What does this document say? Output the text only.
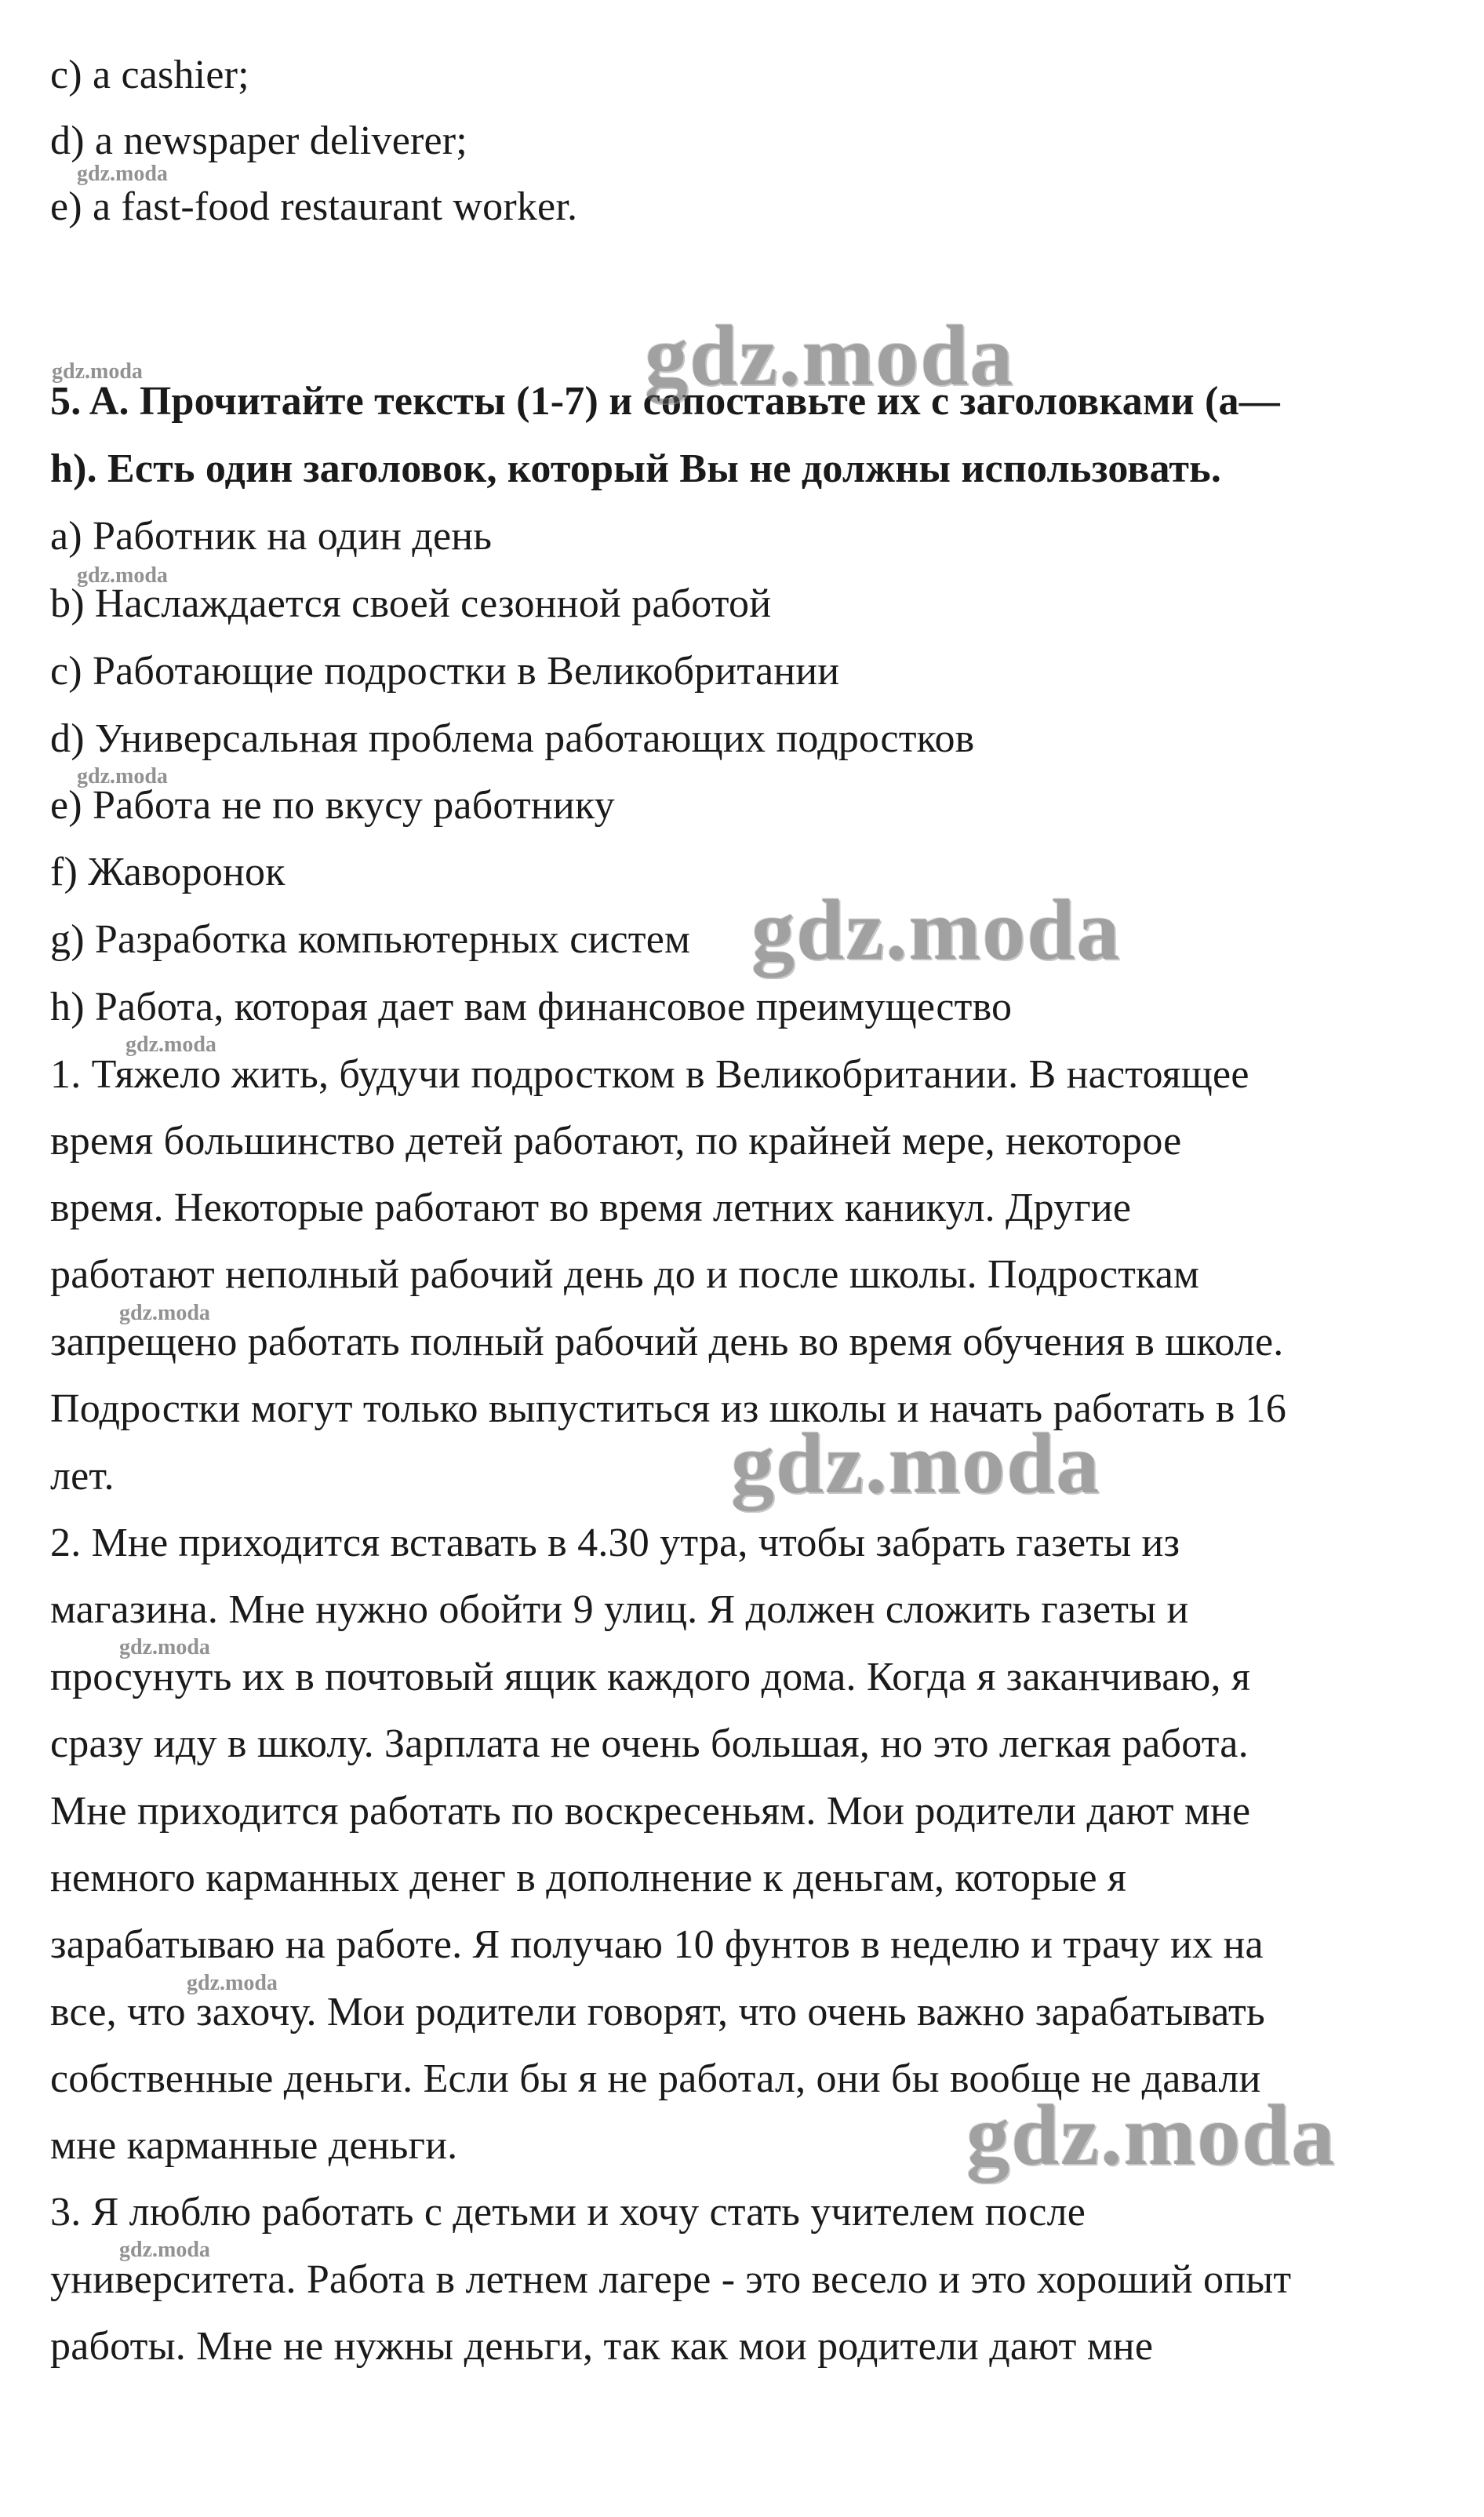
c) a cashier;
d) a newspaper deliverer;
e) a fast-food restaurant worker.
5. A. Прочитайте тексты (1-7) и сопоставьте их с заголовками (a—
h). Есть один заголовок, который Вы не должны использовать.
a) Работник на один день
b) Наслаждается своей сезонной работой
c) Работающие подростки в Великобритании
d) Универсальная проблема работающих подростков
e) Работа не по вкусу работнику
f) Жаворонок
g) Разработка компьютерных систем
h) Работа, которая дает вам финансовое преимущество
1. Тяжело жить, будучи подростком в Великобритании. В настоящее
время большинство детей работают, по крайней мере, некоторое
время. Некоторые работают во время летних каникул. Другие
работают неполный рабочий день до и после школы. Подросткам
запрещено работать полный рабочий день во время обучения в школе.
Подростки могут только выпуститься из школы и начать работать в 16
лет.
2. Мне приходится вставать в 4.30 утра, чтобы забрать газеты из
магазина. Мне нужно обойти 9 улиц. Я должен сложить газеты и
просунуть их в почтовый ящик каждого дома. Когда я заканчиваю, я
сразу иду в школу. Зарплата не очень большая, но это легкая работа.
Мне приходится работать по воскресеньям. Мои родители дают мне
немного карманных денег в дополнение к деньгам, которые я
зарабатываю на работе. Я получаю 10 фунтов в неделю и трачу их на
все, что захочу. Мои родители говорят, что очень важно зарабатывать
собственные деньги. Если бы я не работал, они бы вообще не давали
мне карманные деньги.
3. Я люблю работать с детьми и хочу стать учителем после
университета. Работа в летнем лагере - это весело и это хороший опыт
работы. Мне не нужны деньги, так как мои родители дают мне
gdz.moda
gdz.moda
gdz.moda
gdz.moda
gdz.moda
gdz.moda
gdz.moda
gdz.moda
gdz.moda
gdz.moda
gdz.moda
gdz.moda
gdz.moda
